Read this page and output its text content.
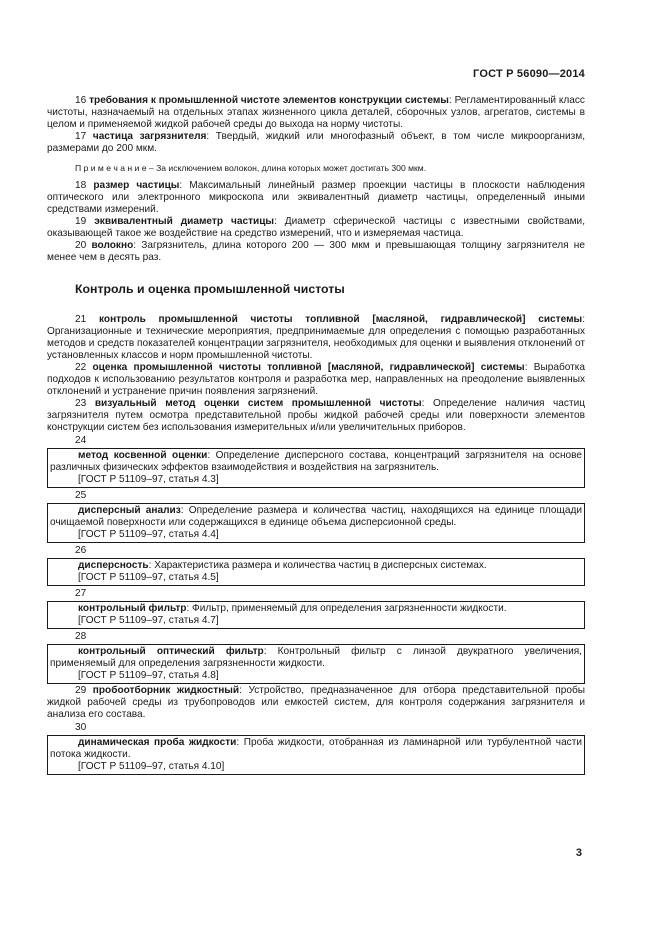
ГОСТ Р 56090—2014

16 требования к промышленной чистоте элементов конструкции системы: Регламентированный класс чистоты, назначаемый на отдельных этапах жизненного цикла деталей, сборочных узлов, агрегатов, системы в целом и применяемой жидкой рабочей среды до выхода на норму чистоты.

17 частица загрязнителя: Твердый, жидкий или многофазный объект, в том числе микроорганизм, размерами до 200 мкм.

П р и м е ч а н и е – За исключением волокон, длина которых может достигать 300 мкм.

18 размер частицы: Максимальный линейный размер проекции частицы в плоскости наблюдения оптического или электронного микроскопа или эквивалентный диаметр частицы, определенный иными средствами измерений.

19 эквивалентный диаметр частицы: Диаметр сферической частицы с известными свойствами, оказывающей такое же воздействие на средство измерений, что и измеряемая частица.

20 волокно: Загрязнитель, длина которого 200 — 300 мкм и превышающая толщину загрязнителя не менее чем в десять раз.

Контроль и оценка промышленной чистоты

21 контроль промышленной чистоты топливной [масляной, гидравлической] системы: Организационные и технические мероприятия, предпринимаемые для определения с помощью разработанных методов и средств показателей концентрации загрязнителя, необходимых для оценки и выявления отклонений от установленных классов и норм промышленной чистоты.

22 оценка промышленной чистоты топливной [масляной, гидравлической] системы: Выработка подходов к использованию результатов контроля и разработка мер, направленных на преодоление выявленных отклонений и устранение причин появления загрязнений.

23 визуальный метод оценки систем промышленной чистоты: Определение наличия частиц загрязнителя путем осмотра представительной пробы жидкой рабочей среды или поверхности элементов конструкции систем без использования измерительных и/или увеличительных приборов.

24

метод косвенной оценки: Определение дисперсного состава, концентраций загрязнителя на основе различных физических эффектов взаимодействия и воздействия на загрязнитель.

[ГОСТ Р 51109–97, статья 4.3]
25

дисперсный анализ: Определение размера и количества частиц, находящихся на единице площади очищаемой поверхности или содержащихся в единице объема дисперсионной среды.

[ГОСТ Р 51109–97, статья 4.4]
26

дисперсность: Характеристика размера и количества частиц в дисперсных системах.

[ГОСТ Р 51109–97, статья 4.5]
27

контрольный фильтр: Фильтр, применяемый для определения загрязненности жидкости.

[ГОСТ Р 51109–97, статья 4.7]
28

контрольный оптический фильтр: Контрольный фильтр с линзой двукратного увеличения, применяемый для определения загрязненности жидкости.

[ГОСТ Р 51109–97, статья 4.8]

29 пробоотборник жидкостный: Устройство, предназначенное для отбора представительной пробы жидкой рабочей среды из трубопроводов или емкостей систем, для контроля содержания загрязнителя и анализа его состава.

30

динамическая проба жидкости: Проба жидкости, отобранная из ламинарной или турбулентной части потока жидкости.

[ГОСТ Р 51109–97, статья 4.10]
3
